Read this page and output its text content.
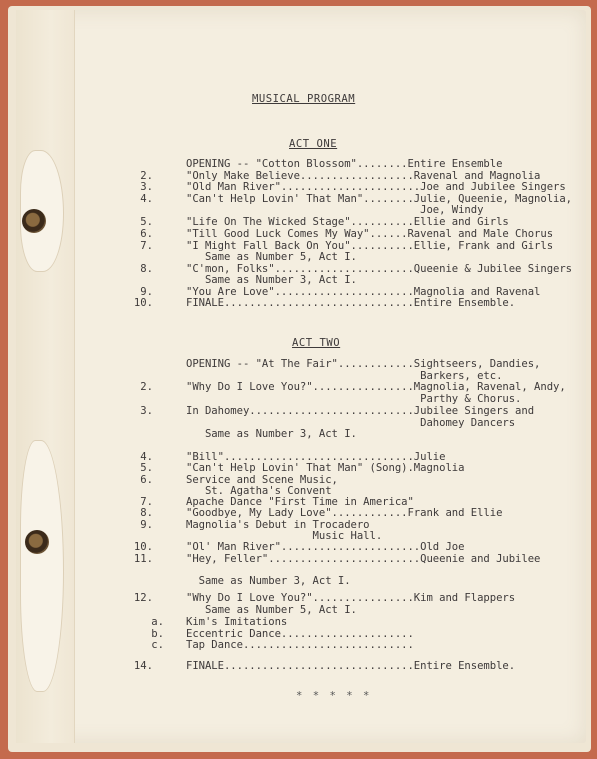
MUSICAL PROGRAM
ACT ONE
OPENING -- "Cotton Blossom"........Entire Ensemble
2.	"Only Make Believe..................Ravenal and Magnolia
3.	"Old Man River"......................Joe and Jubilee Singers
4.	"Can't Help Lovin' That Man"........Julie, Queenie, Magnolia,
Joe, Windy
5.	"Life On The Wicked Stage"..........Ellie and Girls
6.	"Till Good Luck Comes My Way"......Ravenal and Male Chorus
7.	"I Might Fall Back On You"..........Ellie, Frank and Girls
Same as Number 5, Act I.
8.	"C'mon, Folks"......................Queenie & Jubilee Singers
Same as Number 3, Act I.
9.	"You Are Love"......................Magnolia and Ravenal
10.	FINALE..............................Entire Ensemble.
ACT TWO
OPENING -- "At The Fair"............Sightseers, Dandies,
Barkers, etc.
2.	"Why Do I Love You?"................Magnolia, Ravenal, Andy,
Parthy & Chorus.
3.	In Dahomey..........................Jubilee Singers and
Dahomey Dancers
Same as Number 3, Act I.
4.	"Bill"..............................Julie
5.	"Can't Help Lovin' That Man" (Song).Magnolia
6.	Service and Scene Music,
St. Agatha's Convent
7.	Apache Dance "First Time in America"
8.	"Goodbye, My Lady Love"............Frank and Ellie
9.	Magnolia's Debut in Trocadero
Music Hall.
10.	"Ol' Man River"......................Old Joe
11.	"Hey, Feller"........................Queenie and Jubilee
Same as Number 3, Act I.
12.	"Why Do I Love You?"................Kim and Flappers
Same as Number 5, Act I.
a. Kim's Imitations
b. Eccentric Dance.....................
c. Tap Dance...........................
14.	FINALE..............................Entire Ensemble.
* * * * *
